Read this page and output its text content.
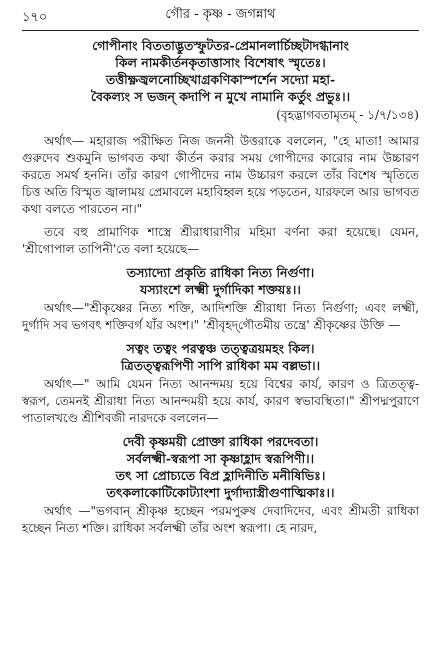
১৭০	গৌর - কৃষ্ণ - জগন্নাথ
গোপীনাং বিততাদ্ভুতস্ফুটতর-প্রেমানলার্চিচ্ছটাদগ্ধানাং
কিল নামকীর্তনকৃতাত্তাসাং বিশেষাৎ স্মৃতেঃ।
তত্তীক্ষ্ণজ্বলনোচ্ছিখাগ্রকণিকাস্পর্শেন সদ্যো মহা-
বৈকল্যং স ভজন্ কদাপি ন মুখে নামানি কর্তুং প্রভুঃ।।

(বৃহদ্ভাগবতামৃতম্ - ১/৭/১৩৪)

অর্থাৎ— মহারাজ পরীক্ষিত নিজ জননী উত্তরাকে বললেন, "হে মাতা! আমার গুরুদেব শুকমুনি ভাগবত কথা কীর্তন করার সময় গোপীদের কারোর নাম উচ্চারণ করতে সমর্থ হননি। তাঁর কারণ গোপীদের নাম উচ্চারণ করলে তাঁর বিশেষ স্মৃতিতে চিত্ত অতি বিস্মৃত জ্বালাময় প্রেমাবলে মহাবিহ্বল হয়ে পড়তেন, যারফলে আর ভাগবত কথা বলতে পারতেন না।"

তবে বহু প্রামাণিক শাস্ত্রে শ্রীরাধারাণীর মহিমা বর্ণনা করা হয়েছে। যেমন, 'শ্রীগোপাল তাপিনী'তে বলা হয়েছে—

তস্যাদ্যো প্রকৃতি রাধিকা নিত্য নির্গুণা।
যস্যাংশে লক্ষ্মী দুর্গাদিকা শক্তয়ঃ।।

অর্থাৎ—"শ্রীকৃষ্ণের নিত্য শক্তি, আদিশক্তি শ্রীরাধা নিত্য নির্গুণা; এবং লক্ষ্মী, দুর্গাদি সব ভগবৎ শক্তিবর্গ যাঁর অংশ।" 'শ্রীবৃহদ্‌গৌতমীয় তন্ত্রে' শ্রীকৃষ্ণের উক্তি —

সত্বং তত্বং পরত্বঞ্চ তত্ত্বত্রয়মহং কিল।
ত্রিতত্ত্বরূপিণী সাপি রাধিকা মম বল্লভা।।

অর্থাৎ—" আমি যেমন নিত্য আনন্দময় হয়ে বিশ্বের কার্য, কারণ ও ত্রিতত্ত্ব-স্বরূপ, তেমনই শ্রীরাধা নিত্য আনন্দময়ী হয়ে কার্য, কারণ স্বভাবস্থিতা।" শ্রীপদ্মপুরাণে পাতালখণ্ডে শ্রীশিবজী নারদকে বললেন—

দেবী কৃষ্ণময়ী প্রোক্তা রাধিকা পরদেবতা।
সর্বলক্ষ্মী-স্বরূপা সা কৃষ্ণাহ্লাদ স্বরূপিণী।।
তৎ সা প্রোচ্যতে বিপ্র হ্লাদিনীতি মনীষিভিঃ।
তৎকলাকোটিকোট্যাংশা দুর্গাদ্যাস্ত্রীগুণাত্মিকাঃ।।

অর্থাৎ —"ভগবান্ শ্রীকৃষ্ণ হচ্ছেন পরমপুরুষ দেবাদিদেব, এবং শ্রীমতী রাধিকা হচ্ছেন নিত্য শক্তি। রাধিকা সর্বলক্ষ্মী তাঁর অংশ স্বরূপা। হে নারদ,
